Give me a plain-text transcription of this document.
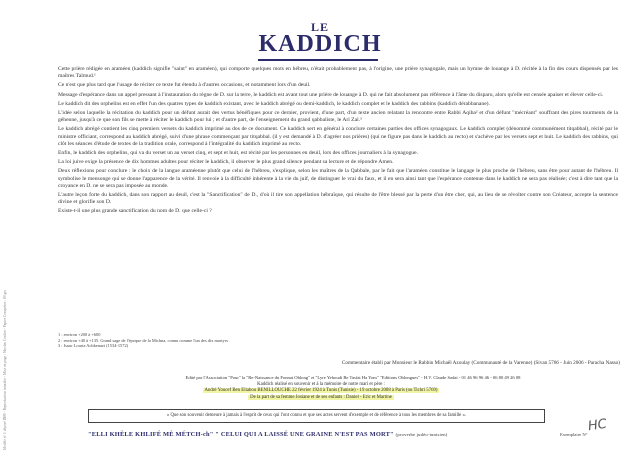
LE
KADDICH

Cette prière rédigée en araméen (kaddich signifie "saint" en araméen), qui comporte quelques mots en hébreu, n'était probablement pas, à l'origine, une prière synagogale, mais un hymne de louange à D. récitée à la fin des cours dispensés par les maîtres Talmud.¹

Ce n'est que plus tard que l'usage de réciter ce texte fut étendu à d'autres occasions, et notamment lors d'un deuil.

Message d'espérance dans un appel pressant à l'instauration du règne de D. sur la terre, le kaddich est avant tout une prière de louange à D. qui ne fait absolument pas référence à l'âme du disparu, alors qu'elle est censée apaiser et élever celle-ci.

Le kaddich dit des orphelins est en effet l'un des quatres types de kaddich existant, avec le kaddich abrégé ou demi-kaddich, le kaddich complet et le kaddich des rabbins (kaddich dérabbanane).

L'idée selon laquelle la récitation du kaddich pour un défunt aurait des vertus bénéfiques pour ce dernier, provient, d'une part, d'un texte ancien relatant la rencontre entre Rabbi Aqiba² et d'un défunt "mécréant" souffrant des pires tourments de la géhenne, jusqu'à ce que son fils se mette à réciter le kaddich pour lui ; et d'autre part, de l'enseignement du grand qabbaliste, le Ari Zal.³

Le kaddich abrégé contient les cinq premiers versets du kaddich imprimé au dos de ce document. Ce kaddich sert en général à conclure certaines parties des offices synagogaux. Le kaddich complet (dénommé communément titqabbal), récité par le ministre officiant, correspond au kaddich abrégé, suivi d'une phrase commençant par titqabbal. (il y est demandé à D. d'agréer nos prières) (qui ne figure pas dans le kaddich au recto) et s'achève par les versets sept et huit. Le kaddich des rabbins, qui clôt les séances d'étude de textes de la tradition orale, correspond à l'intégralité du kaddich imprimé au recto.

Enfin, le kaddich des orphelins, qui va du verset un au verset cinq, et sept et huit, est récité par les personnes en deuil, lors des offices journaliers à la synagogue.

La loi juive exige la présence de dix hommes adultes pour réciter le kaddich, il observer le plus grand silence pendant sa lecture et de répondre Amen.

Deux réflexions pour conclure : le choix de la langue araméenne plutôt que celui de l'hébreu, s'explique, selon les maîtres de la Qabbale, par le fait que l'araméen constitue le langage le plus proche de l'hébreu, sans être pour autant de l'hébreu. Il symbolise le mensonge qui se donne l'apparence de la vérité. Il renvoie à la difficulté inhérente à la vie du juif, de distinguer le vrai du faux, et il en sera ainsi tant que l'espérance contenue dans le kaddich ne sera pas réalisée; c'est à dire tant que la croyance en D. ne se sera pas imposée au monde.

L'autre leçon forte du kaddich, dans son rapport au deuil, c'est la "Sanctification" de D., d'où il tire son appellation hébraïque, qui résulte de l'être blessé par la perte d'un être cher, qui, au lieu de se révolter contre son Créateur, accepte la sentence divine et glorifie son D.

Existe-t-il une plus grande sanctification du nom de D. que celle-ci ?

1 : environ +200 à +600
2 : environ +40 à +135. Grand sage de l'époque de la Michna, connu comme l'un des dix martyrs
3 : Isaac Louria Achkenazi (1534-1572)
Commentaire établi par Monsieur le Rabbin Michaël Azoulay (Communauté de la Varenne) (Sivan 5766 - Juin 2006 - Paracha Nasso)
Edité par l'Association "Pour" la "Re-Naissance du Fonnat Oblong" et "Lyre Yehoudi Be Tasfat Ha Yom" "Editions Oblongues" - H.V. Claude Sadai - 01 46 96 96 46 - 06 80 49 26 08
Kaddich réalisé en souvenir et à la mémoire de notre mari et père :
André Youcef Ben Eliahou BENILLOUCHE 22 février 1924 à Tunis (Tunisie) - 19 octobre 2008 à Paris (ou Tichri 5769)
De la part de sa femme Josiane et de ses enfants : Daniel - Eric et Martine
« Que son souvenir demeure à jamais à l'esprit de ceux qui l'ont connu et que ses actes servent d'exemple et de référence à tous les membres de sa famille ».
"ELLI KHÈLE KHLIFÉ MÈ MÉTCH-ch" " CELUI QUI A LAISSÉ UNE GRAINE N'EST PAS MORT" (proverbe judéo-tunisien)	Exemplaire N°
HC
Modèle n° 1 déposé INPI - Reproduction interdite - Mise en page : Nicolas Cordier - Papier Conquéror : 80 grs
